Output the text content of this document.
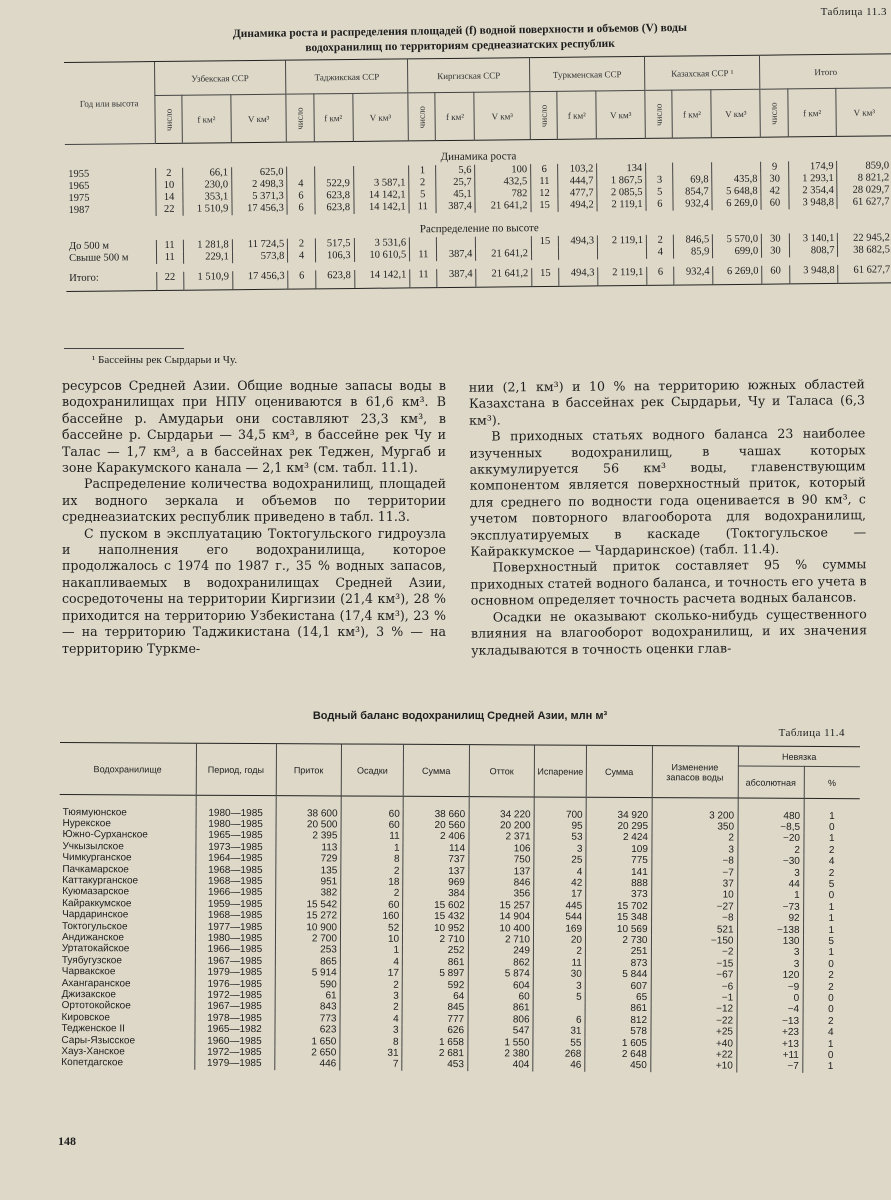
Таблица 11.3
Динамика роста и распределения площадей (f) водной поверхности и объемов (V) воды
водохранилищ по территориям среднеазиатских республик
Год или высота	Узбекская ССР			Таджикская ССР			Киргизская ССР			Туркменская ССР			Казахская ССР ¹			Итого		
	число	f км²	V км³	число	f км²	V км³	число	f км²	V км³	число	f км²	V км³	число	f км²	V км³	число	f км²	V км³
Динамика роста																		
1955	2	66,1	625,0				1	5,6	100	6	103,2	134				9	174,9	859,0
1965	10	230,0	2 498,3	4	522,9	3 587,1	2	25,7	432,5	11	444,7	1 867,5	3	69,8	435,8	30	1 293,1	8 821,2
1975	14	353,1	5 371,3	6	623,8	14 142,1	5	45,1	782	12	477,7	2 085,5	5	854,7	5 648,8	42	2 354,4	28 029,7
1987	22	1 510,9	17 456,3	6	623,8	14 142,1	11	387,4	21 641,2	15	494,2	2 119,1	6	932,4	6 269,0	60	3 948,8	61 627,7
Распределение по высоте																		
До 500 м	11	1 281,8	11 724,5	2	517,5	3 531,6				15	494,3	2 119,1	2	846,5	5 570,0	30	3 140,1	22 945,2
Свыше 500 м	11	229,1	573,8	4	106,3	10 610,5	11	387,4	21 641,2				4	85,9	699,0	30	808,7	38 682,5

Итого:	22	1 510,9	17 456,3	6	623,8	14 142,1	11	387,4	21 641,2	15	494,3	2 119,1	6	932,4	6 269,0	60	3 948,8	61 627,7
¹ Бассейны рек Сырдарьи и Чу.

ресурсов Средней Азии. Общие водные запасы воды в водохранилищах при НПУ оцениваются в 61,6 км³. В бассейне р. Амударьи они составляют 23,3 км³, в бассейне р. Сырдарьи — 34,5 км³, в бассейне рек Чу и Талас — 1,7 км³, а в бассейнах рек Теджен, Мургаб и зоне Каракумского канала — 2,1 км³ (см. табл. 11.1).

Распределение количества водохранилищ, площадей их водного зеркала и объемов по территории среднеазиатских республик приведено в табл. 11.3.

С пуском в эксплуатацию Токтогульского гидроузла и наполнения его водохранилища, которое продолжалось с 1974 по 1987 г., 35 % водных запасов, накапливаемых в водохранилищах Средней Азии, сосредоточены на территории Киргизии (21,4 км³), 28 % приходится на территорию Узбекистана (17,4 км³), 23 % — на территорию Таджикистана (14,1 км³), 3 % — на территорию Туркме-

нии (2,1 км³) и 10 % на территорию южных областей Казахстана в бассейнах рек Сырдарьи, Чу и Таласа (6,3 км³).

В приходных статьях водного баланса 23 наиболее изученных водохранилищ, в чашах которых аккумулируется 56 км³ воды, главенствующим компонентом является поверхностный приток, который для среднего по водности года оценивается в 90 км³, с учетом повторного влагооборота для водохранилищ, эксплуатируемых в каскаде (Токтогульское — Кайраккумское — Чардаринское) (табл. 11.4).

Поверхностный приток составляет 95 % суммы приходных статей водного баланса, и точность его учета в основном определяет точность расчета водных балансов.

Осадки не оказывают сколько-нибудь существенного влияния на влагооборот водохранилищ, и их значения укладываются в точность оценки глав-

Таблица 11.4
Водный баланс водохранилищ Средней Азии, млн м³
Водохранилище	Период, годы	Приток	Осадки	Сумма	Отток	Испарение	Сумма	Изменение запасов воды	Невязка	
									абсолютная	%

Тюямуюнское	1980—1985	38 600	60	38 660	34 220	700	34 920	3 200	480	1
Нурекское	1980—1985	20 500	60	20 560	20 200	95	20 295	350	−8,5	0
Южно-Сурханское	1965—1985	2 395	11	2 406	2 371	53	2 424	2	−20	1
Учкызылское	1973—1985	113	1	114	106	3	109	3	2	2
Чимкурганское	1964—1985	729	8	737	750	25	775	−8	−30	4
Пачкамарское	1968—1985	135	2	137	137	4	141	−7	3	2
Каттакурганское	1968—1985	951	18	969	846	42	888	37	44	5
Куюмазарское	1966—1985	382	2	384	356	17	373	10	1	0
Кайраккумское	1959—1985	15 542	60	15 602	15 257	445	15 702	−27	−73	1
Чардаринское	1968—1985	15 272	160	15 432	14 904	544	15 348	−8	92	1
Токтогульское	1977—1985	10 900	52	10 952	10 400	169	10 569	521	−138	1
Андижанское	1980—1985	2 700	10	2 710	2 710	20	2 730	−150	130	5
Уртатокайское	1966—1985	253	1	252	249	2	251	−2	3	1
Туябугузское	1967—1985	865	4	861	862	11	873	−15	3	0
Чарвакское	1979—1985	5 914	17	5 897	5 874	30	5 844	−67	120	2
Ахангаранское	1976—1985	590	2	592	604	3	607	−6	−9	2
Джизакское	1972—1985	61	3	64	60	5	65	−1	0	0
Ортотокойское	1967—1985	843	2	845	861		861	−12	−4	0
Кировское	1978—1985	773	4	777	806	6	812	−22	−13	2
Тедженское II	1965—1982	623	3	626	547	31	578	+25	+23	4
Сары-Язысское	1960—1985	1 650	8	1 658	1 550	55	1 605	+40	+13	1
Хауз-Ханское	1972—1985	2 650	31	2 681	2 380	268	2 648	+22	+11	0
Копетдагское	1979—1985	446	7	453	404	46	450	+10	−7	1
148
